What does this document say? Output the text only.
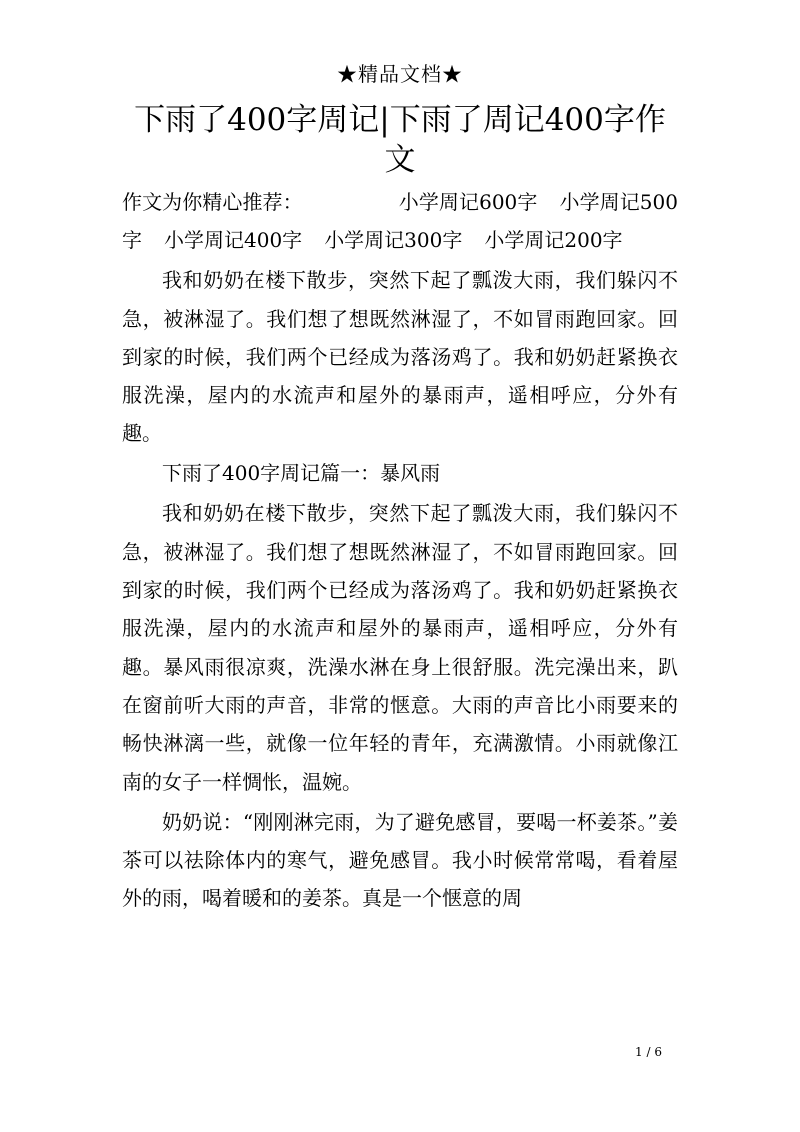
★精品文档★
下雨了400字周记|下雨了周记400字作文

作文为你精心推荐：	小学周记600字 小学周记500字 小学周记400字 小学周记300字 小学周记200字

我和奶奶在楼下散步，突然下起了瓢泼大雨，我们躲闪不急，被淋湿了。我们想了想既然淋湿了，不如冒雨跑回家。回到家的时候，我们两个已经成为落汤鸡了。我和奶奶赶紧换衣服洗澡，屋内的水流声和屋外的暴雨声，遥相呼应，分外有趣。

下雨了400字周记篇一：暴风雨

我和奶奶在楼下散步，突然下起了瓢泼大雨，我们躲闪不急，被淋湿了。我们想了想既然淋湿了，不如冒雨跑回家。回到家的时候，我们两个已经成为落汤鸡了。我和奶奶赶紧换衣服洗澡，屋内的水流声和屋外的暴雨声，遥相呼应，分外有趣。暴风雨很凉爽，洗澡水淋在身上很舒服。洗完澡出来，趴在窗前听大雨的声音，非常的惬意。大雨的声音比小雨要来的畅快淋漓一些，就像一位年轻的青年，充满激情。小雨就像江南的女子一样惆怅，温婉。

奶奶说：“刚刚淋完雨，为了避免感冒，要喝一杯姜茶。”姜茶可以祛除体内的寒气，避免感冒。我小时候常常喝，看着屋外的雨，喝着暖和的姜茶。真是一个惬意的周

1 / 6
